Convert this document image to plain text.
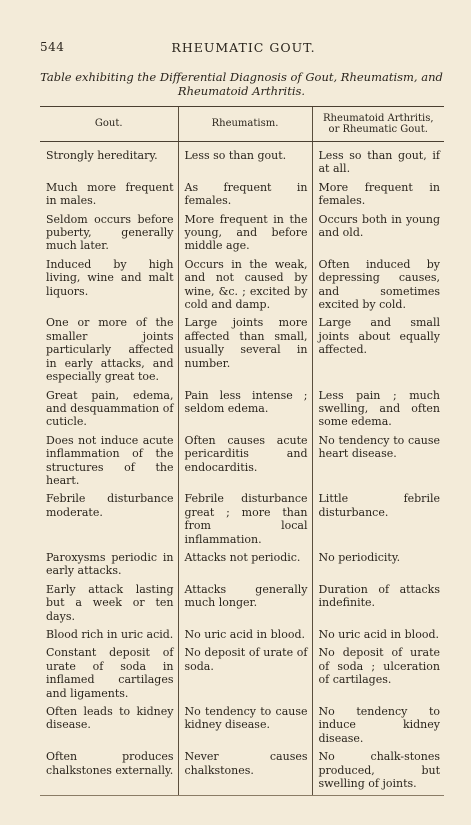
544	RHEUMATIC GOUT.
Table exhibiting the Differential Diagnosis of Gout, Rheumatism, and
Rheumatoid Arthritis.
Gout.	Rheumatism.	Rheumatoid Arthritis, or Rheumatic Gout.

Strongly hereditary.	Less so than gout.	Less so than gout, if at all.
Much more frequent in males.	As frequent in females.	More frequent in females.
Seldom occurs before puberty, generally much later.	More frequent in the young, and before middle age.	Occurs both in young and old.
Induced by high living, wine and malt liquors.	Occurs in the weak, and not caused by wine, &c. ; excited by cold and damp.	Often induced by depressing causes, and sometimes excited by cold.
One or more of the smaller joints particularly affected in early attacks, and especially great toe.	Large joints more affected than small, usually several in number.	Large and small joints about equally affected.
Great pain, edema, and desquammation of cuticle.	Pain less intense ; seldom edema.	Less pain ; much swelling, and often some edema.
Does not induce acute inflammation of the structures of the heart.	Often causes acute pericarditis and endocarditis.	No tendency to cause heart disease.
Febrile disturbance moderate.	Febrile disturbance great ; more than from local inflammation.	Little febrile disturbance.
Paroxysms periodic in early attacks.	Attacks not periodic.	No periodicity.
Early attack lasting but a week or ten days.	Attacks generally much longer.	Duration of attacks indefinite.
Blood rich in uric acid.	No uric acid in blood.	No uric acid in blood.
Constant deposit of urate of soda in inflamed cartilages and ligaments.	No deposit of urate of soda.	No deposit of urate of soda ; ulceration of cartilages.
Often leads to kidney disease.	No tendency to cause kidney disease.	No tendency to induce kidney disease.
Often produces chalkstones externally.	Never causes chalkstones.	No chalk-stones produced, but swelling of joints.
